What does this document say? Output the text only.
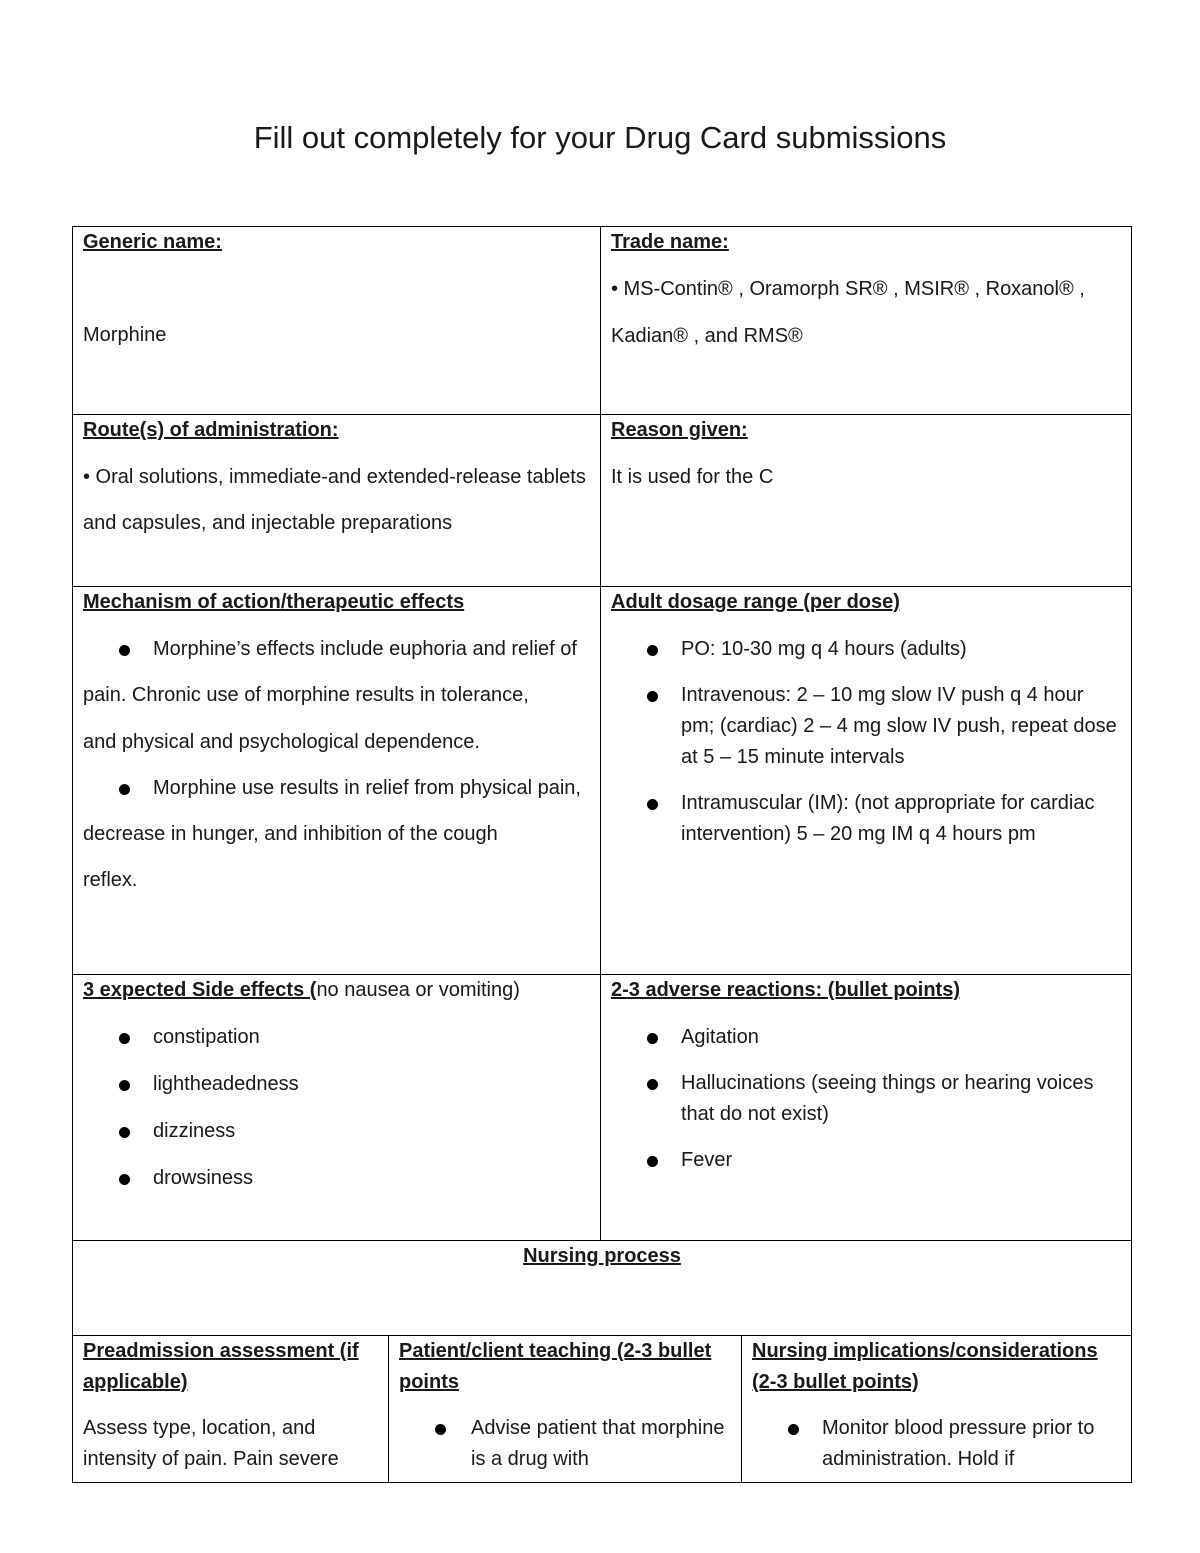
Fill out completely for your Drug Card submissions
Generic name:

Morphine

Trade name:

• MS-Contin® , Oramorph SR® , MSIR® , Roxanol® ,

Kadian® , and RMS®

Route(s) of administration:

• Oral solutions, immediate-and extended-release tablets

and capsules, and injectable preparations

Reason given:

It is used for the C

Mechanism of action/therapeutic effects
Morphine’s effects include euphoria and relief of

pain. Chronic use of morphine results in tolerance,

and physical and psychological dependence.

Morphine use results in relief from physical pain,

decrease in hunger, and inhibition of the cough

reflex.

Adult dosage range (per dose)
PO: 10-30 mg q 4 hours (adults)
Intravenous: 2 – 10 mg slow IV push q 4 hour pm; (cardiac) 2 – 4 mg slow IV push, repeat dose at 5 – 15 minute intervals
Intramuscular (IM): (not appropriate for cardiac intervention) 5 – 20 mg IM q 4 hours pm
3 expected Side effects (no nausea or vomiting)
constipation
lightheadedness
dizziness
drowsiness
2-3 adverse reactions: (bullet points)
Agitation
Hallucinations (seeing things or hearing voices that do not exist)
Fever
Nursing process
Preadmission assessment (if applicable)

Assess type, location, and intensity of pain. Pain severe

Patient/client teaching (2-3 bullet points
Advise patient that morphine is a drug with
Nursing implications/considerations (2-3 bullet points)
Monitor blood pressure prior to administration. Hold if
